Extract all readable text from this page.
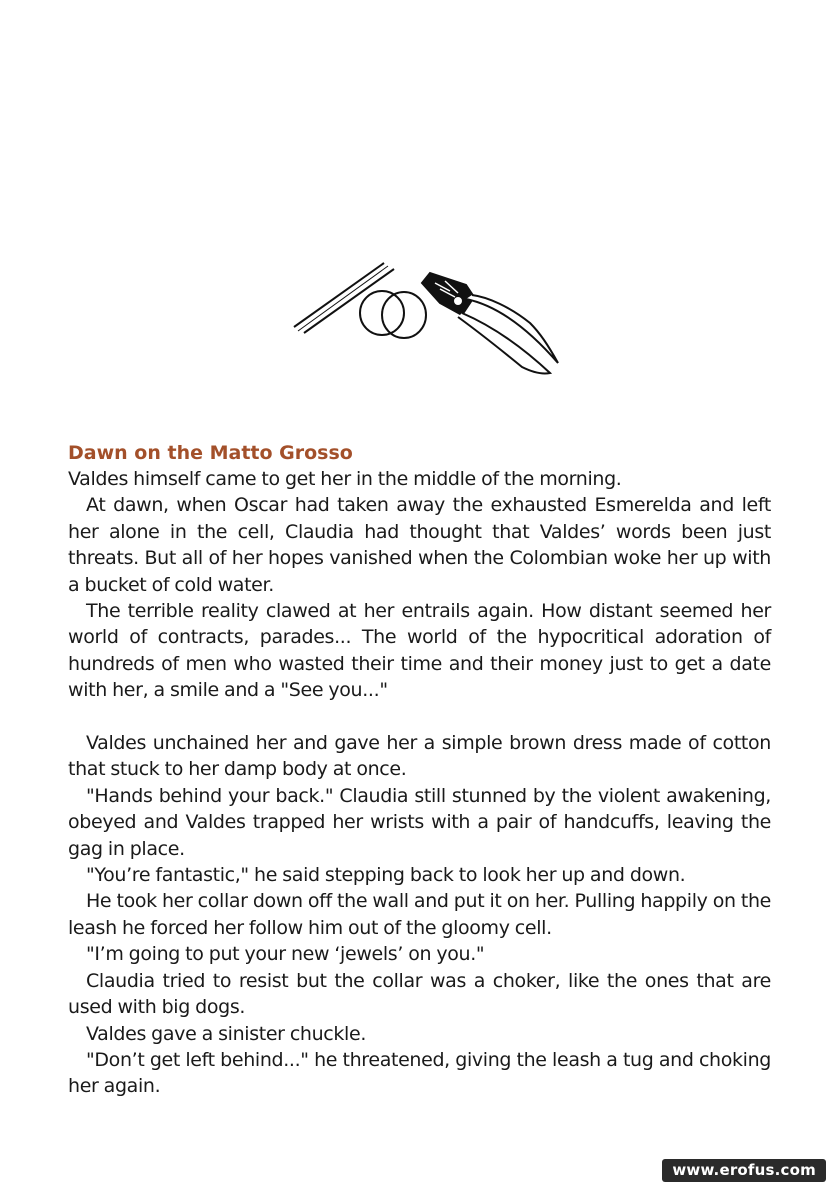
Dawn on the Matto Grosso

Valdes himself came to get her in the middle of the morning.

At dawn, when Oscar had taken away the exhausted Esmerelda and left her alone in the cell, Claudia had thought that Valdes’ words been just threats. But all of her hopes vanished when the Colombian woke her up with a bucket of cold water.

The terrible reality clawed at her entrails again. How distant seemed her world of contracts, parades... The world of the hypocritical adoration of hundreds of men who wasted their time and their money just to get a date with her, a smile and a "See you..."

Valdes unchained her and gave her a simple brown dress made of cotton that stuck to her damp body at once.

"Hands behind your back." Claudia still stunned by the violent awakening, obeyed and Valdes trapped her wrists with a pair of handcuffs, leaving the gag in place.

"You’re fantastic," he said stepping back to look her up and down.

He took her collar down off the wall and put it on her. Pulling happily on the leash he forced her follow him out of the gloomy cell.

"I’m going to put your new ‘jewels’ on you."

Claudia tried to resist but the collar was a choker, like the ones that are used with big dogs.

Valdes gave a sinister chuckle.

"Don’t get left behind..." he threatened, giving the leash a tug and choking her again.

www.erofus.com
